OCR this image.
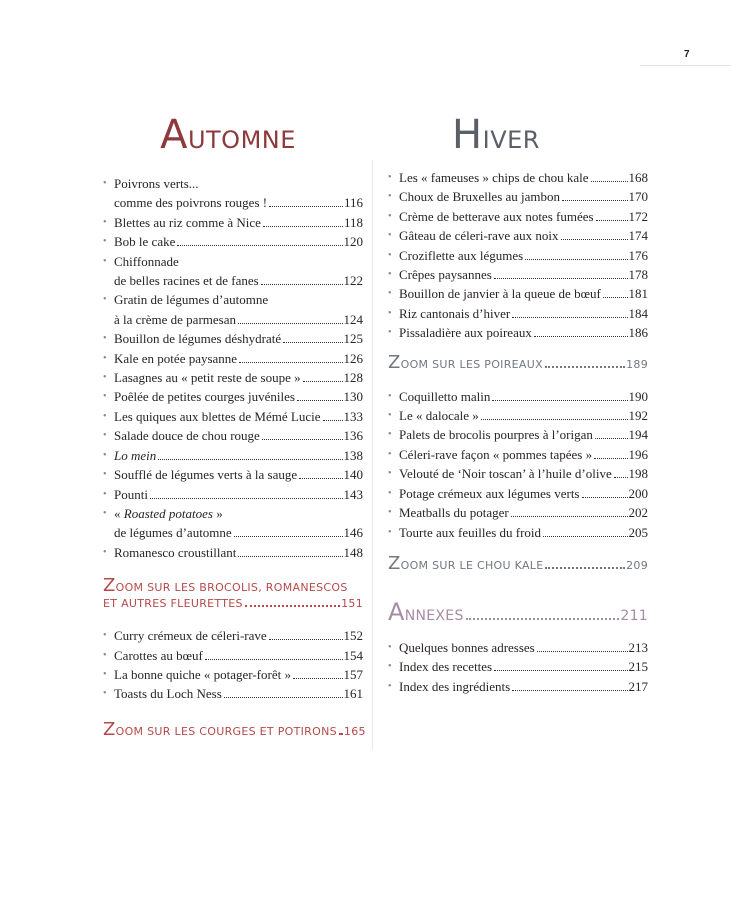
7
AUTOMNE
• Poivrons verts...
comme des poivrons rouges !	116
• Blettes au riz comme à Nice	118
• Bob le cake	120
• Chiffonnade
de belles racines et de fanes	122
• Gratin de légumes d’automne
à la crème de parmesan	124
• Bouillon de légumes déshydraté	125
• Kale en potée paysanne	126
• Lasagnes au « petit reste de soupe »	128
• Poêlée de petites courges juvéniles	130
• Les quiques aux blettes de Mémé Lucie 133
• Salade douce de chou rouge	136
• Lo mein	138
• Soufflé de légumes verts à la sauge	140
• Pounti	143
• « Roasted potatoes »
de légumes d’automne	146
• Romanesco croustillant	148
ZOOM SUR LES BROCOLIS, ROMANESCOS
ET AUTRES FLEURETTES	151
• Curry crémeux de céleri-rave	152
• Carottes au bœuf	154
• La bonne quiche « potager-forêt »	157
• Toasts du Loch Ness	161
ZOOM SUR LES COURGES ET POTIRONS 165
HIVER
• Les « fameuses » chips de chou kale	168
• Choux de Bruxelles au jambon	170
• Crème de betterave aux notes fumées	172
• Gâteau de céleri-rave aux noix	174
• Croziflette aux légumes	176
• Crêpes paysannes	178
• Bouillon de janvier à la queue de bœuf 181
• Riz cantonais d’hiver	184
• Pissaladière aux poireaux	186
ZOOM SUR LES POIREAUX	189
• Coquilletto malin	190
• Le « dalocale »	192
• Palets de brocolis pourpres à l’origan	194
• Céleri-rave façon « pommes tapées »	196
• Velouté de ‘Noir toscan’ à l’huile d’olive 198
• Potage crémeux aux légumes verts	200
• Meatballs du potager	202
• Tourte aux feuilles du froid	205
ZOOM SUR LE CHOU KALE	209
ANNEXES	211
• Quelques bonnes adresses	213
• Index des recettes	215
• Index des ingrédients	217
